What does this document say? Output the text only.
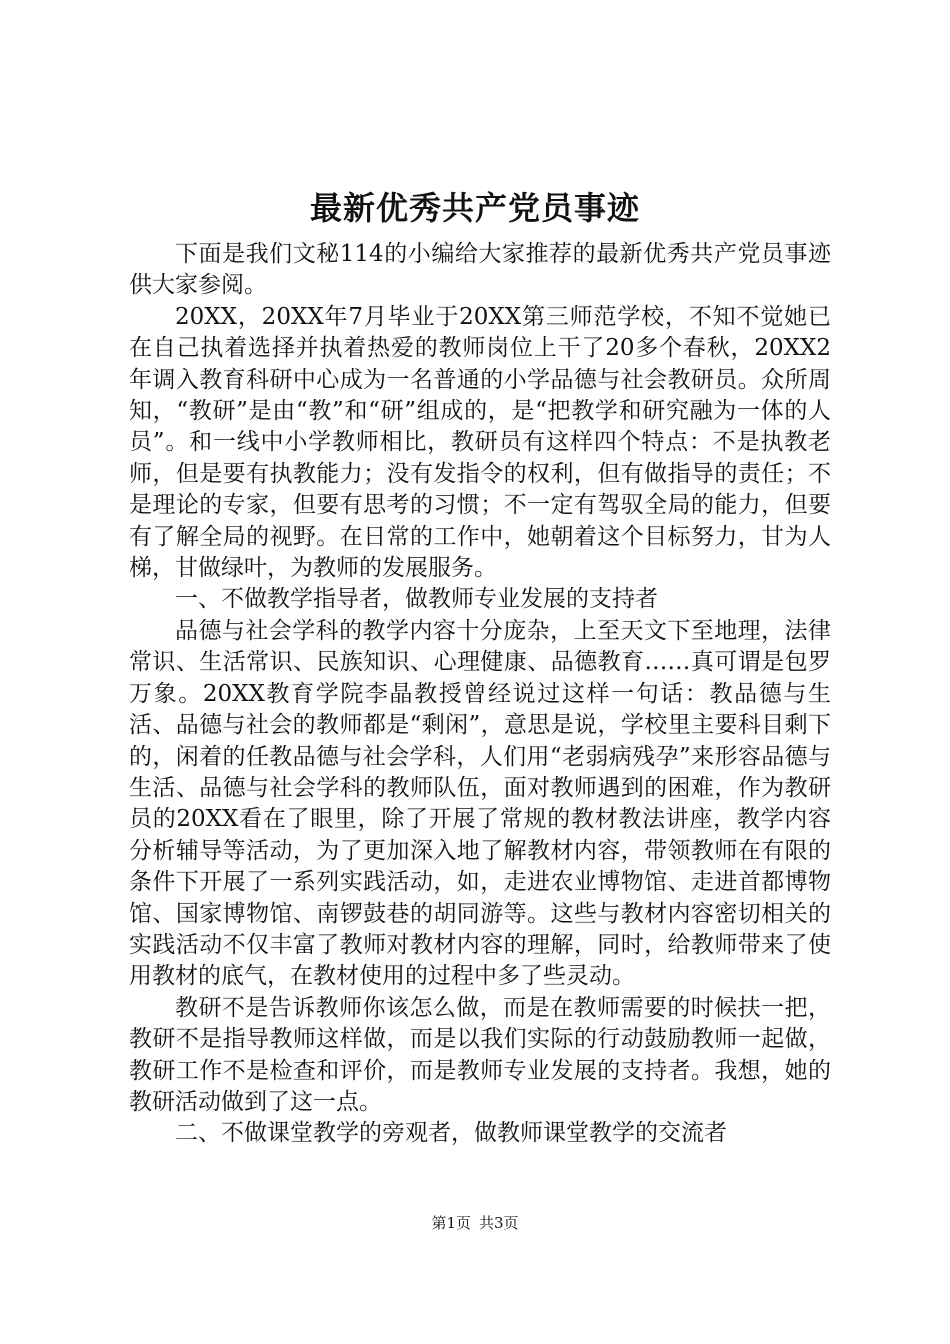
最新优秀共产党员事迹

下面是我们文秘114的小编给大家推荐的最新优秀共产党员事迹供大家参阅。

20XX，20XX年7月毕业于20XX第三师范学校，不知不觉她已在自己执着选择并执着热爱的教师岗位上干了20多个春秋，20XX2年调入教育科研中心成为一名普通的小学品德与社会教研员。众所周知，“教研”是由“教”和“研”组成的，是“把教学和研究融为一体的人员”。和一线中小学教师相比，教研员有这样四个特点：不是执教老师，但是要有执教能力；没有发指令的权利，但有做指导的责任；不是理论的专家，但要有思考的习惯；不一定有驾驭全局的能力，但要有了解全局的视野。在日常的工作中，她朝着这个目标努力，甘为人梯，甘做绿叶，为教师的发展服务。

一、不做教学指导者，做教师专业发展的支持者

品德与社会学科的教学内容十分庞杂，上至天文下至地理，法律常识、生活常识、民族知识、心理健康、品德教育……真可谓是包罗万象。20XX教育学院李晶教授曾经说过这样一句话：教品德与生活、品德与社会的教师都是“剩闲”，意思是说，学校里主要科目剩下的，闲着的任教品德与社会学科，人们用“老弱病残孕”来形容品德与生活、品德与社会学科的教师队伍，面对教师遇到的困难，作为教研员的20XX看在了眼里，除了开展了常规的教材教法讲座，教学内容分析辅导等活动，为了更加深入地了解教材内容，带领教师在有限的条件下开展了一系列实践活动，如，走进农业博物馆、走进首都博物馆、国家博物馆、南锣鼓巷的胡同游等。这些与教材内容密切相关的实践活动不仅丰富了教师对教材内容的理解，同时，给教师带来了使用教材的底气，在教材使用的过程中多了些灵动。

教研不是告诉教师你该怎么做，而是在教师需要的时候扶一把，教研不是指导教师这样做，而是以我们实际的行动鼓励教师一起做，教研工作不是检查和评价，而是教师专业发展的支持者。我想，她的教研活动做到了这一点。

二、不做课堂教学的旁观者，做教师课堂教学的交流者

第1页 共3页
